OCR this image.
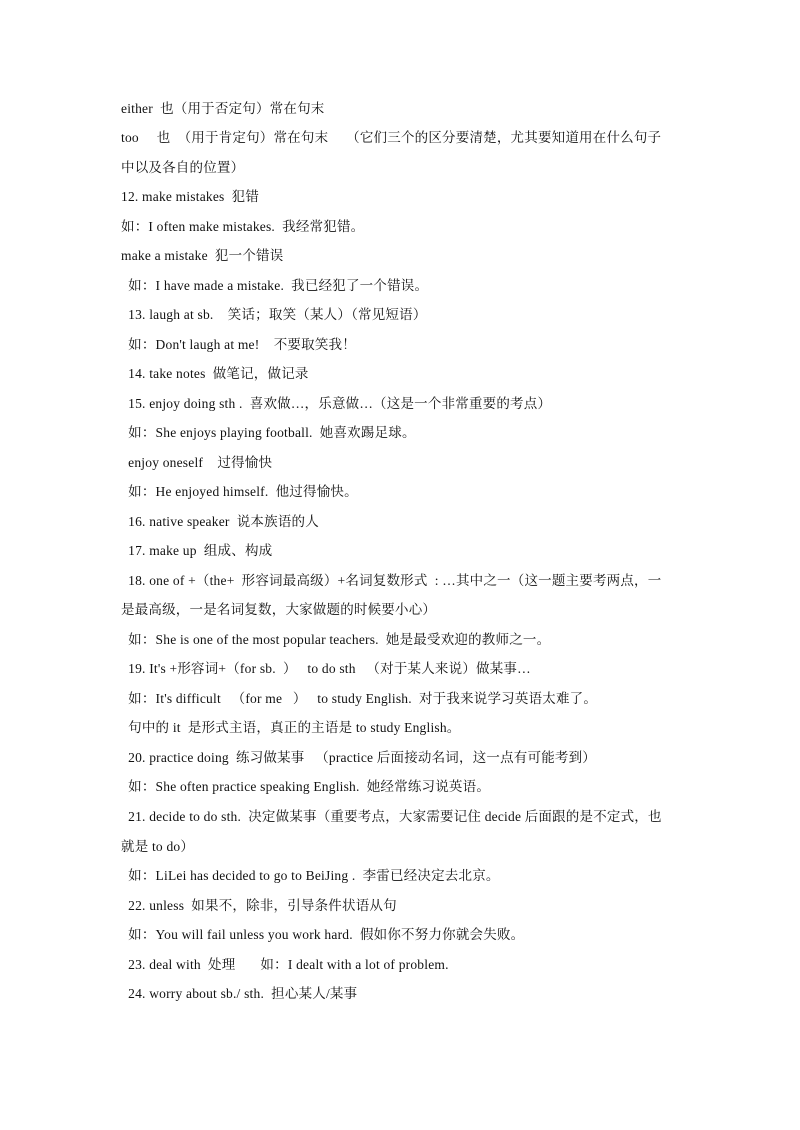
either  也（用于否定句）常在句末
too     也  （用于肯定句）常在句末     （它们三个的区分要清楚，尤其要知道用在什么句子
中以及各自的位置）
12. make mistakes  犯错
如：I often make mistakes.  我经常犯错。
make a mistake  犯一个错误
如：I have made a mistake.  我已经犯了一个错误。
13. laugh at sb.    笑话；取笑（某人）（常见短语）
如：Don't laugh at me!    不要取笑我！
14. take notes  做笔记，做记录
15. enjoy doing sth .  喜欢做…，乐意做…（这是一个非常重要的考点）
如：She enjoys playing football.  她喜欢踢足球。
enjoy oneself    过得愉快
如：He enjoyed himself.  他过得愉快。
16. native speaker  说本族语的人
17. make up  组成、构成
18. one of +（the+  形容词最高级）+名词复数形式  : …其中之一（这一题主要考两点，一
是最高级，一是名词复数，大家做题的时候要小心）
如：She is one of the most popular teachers.  她是最受欢迎的教师之一。
19. It's +形容词+（for sb.  ）   to do sth   （对于某人来说）做某事…
如：It's difficult   （for me   ）   to study English.  对于我来说学习英语太难了。
句中的 it  是形式主语，真正的主语是 to study English。
20. practice doing  练习做某事   （practice 后面接动名词，这一点有可能考到）
如：She often practice speaking English.  她经常练习说英语。
21. decide to do sth.  决定做某事（重要考点，大家需要记住 decide 后面跟的是不定式，也
就是 to do）
如：LiLei has decided to go to BeiJing .  李雷已经决定去北京。
22. unless  如果不，除非，引导条件状语从句
如：You will fail unless you work hard.  假如你不努力你就会失败。
23. deal with  处理       如：I dealt with a lot of problem.
24. worry about sb./ sth.  担心某人/某事
